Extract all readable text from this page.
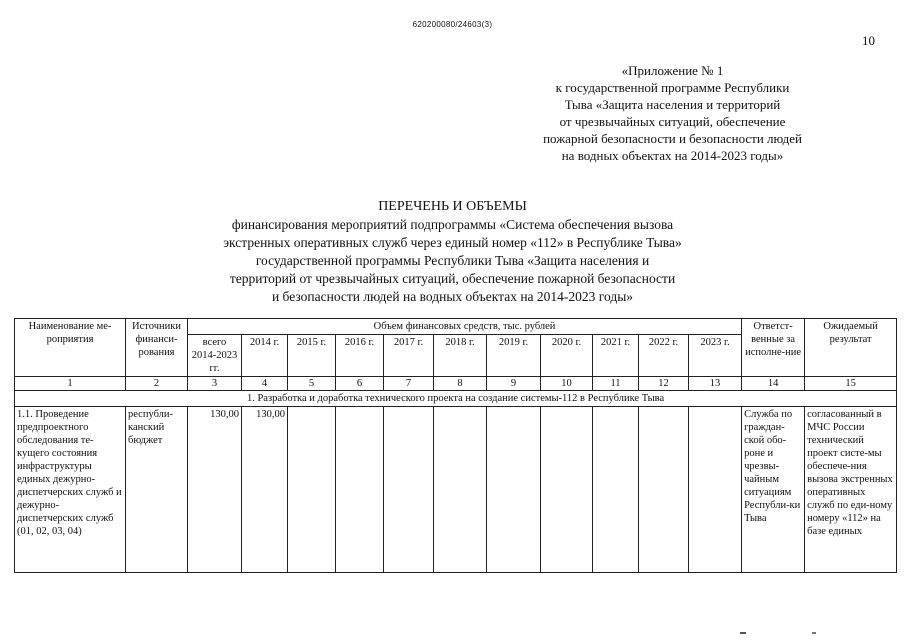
620200080/24603(3)
10
«Приложение № 1
к государственной программе Республики
Тыва «Защита населения и территорий
от чрезвычайных ситуаций, обеспечение
пожарной безопасности и безопасности людей
на водных объектах на 2014-2023 годы»
ПЕРЕЧЕНЬ И ОБЪЕМЫ
финансирования мероприятий подпрограммы «Система обеспечения вызова
экстренных оперативных служб через единый номер «112» в Республике Тыва»
государственной программы Республики Тыва «Защита населения и
территорий от чрезвычайных ситуаций, обеспечение пожарной безопасности
и безопасности людей на водных объектах на 2014-2023 годы»
Наименование ме-роприятия	Источники финанси-рования	Объем финансовых средств, тыс. рублей											Ответст-венные за исполне-ние	Ожидаемый результат
		всего 2014-2023 гг.	2014 г.	2015 г.	2016 г.	2017 г.	2018 г.	2019 г.	2020 г.	2021 г.	2022 г.	2023 г.		
1	2	3	4	5	6	7	8	9	10	11	12	13	14	15
1. Разработка и доработка технического проекта на создание системы-112 в Республике Тыва														
1.1. Проведение предпроектного обследования те-кущего состояния инфраструктуры единых дежурно-диспетчерских служб и дежурно-диспетчерских служб (01, 02, 03, 04)	республи-канский бюджет	130,00	130,00										Служба по граждан-ской обо-роне и чрезвы-чайным ситуациям Республи-ки Тыва	согласованный в МЧС России технический проект систе-мы обеспече-ния вызова экстренных оперативных служб по еди-ному номеру «112» на базе единых
